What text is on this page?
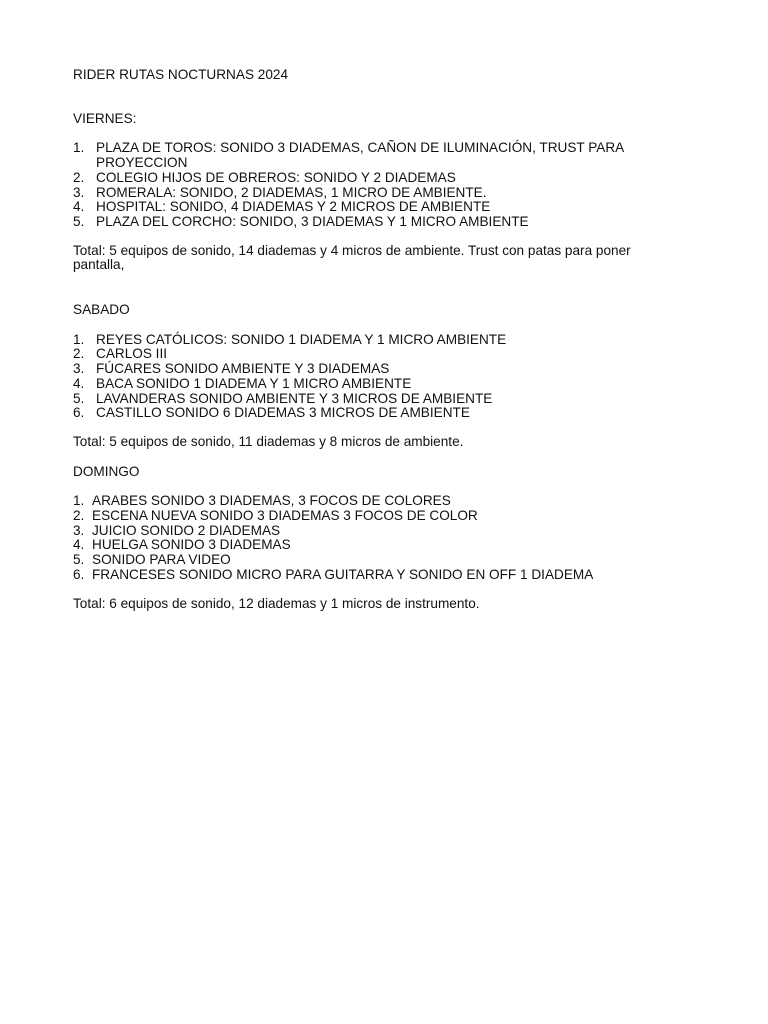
RIDER RUTAS NOCTURNAS 2024

VIERNES:

1. PLAZA DE TOROS: SONIDO 3 DIADEMAS, CAÑON DE ILUMINACIÓN, TRUST PARA PROYECCION
2. COLEGIO HIJOS DE OBREROS: SONIDO Y 2 DIADEMAS
3. ROMERALA: SONIDO, 2 DIADEMAS, 1 MICRO DE AMBIENTE.
4. HOSPITAL: SONIDO, 4 DIADEMAS Y 2 MICROS DE AMBIENTE
5. PLAZA DEL CORCHO: SONIDO, 3 DIADEMAS Y 1 MICRO AMBIENTE

Total: 5 equipos de sonido, 14 diademas y 4 micros de ambiente. Trust con patas para poner pantalla,

SABADO

1. REYES CATÓLICOS: SONIDO 1 DIADEMA Y 1 MICRO AMBIENTE
2. CARLOS III
3. FÚCARES SONIDO AMBIENTE Y 3 DIADEMAS
4. BACA SONIDO 1 DIADEMA Y 1 MICRO AMBIENTE
5. LAVANDERAS SONIDO AMBIENTE Y 3 MICROS DE AMBIENTE
6. CASTILLO SONIDO 6 DIADEMAS 3 MICROS DE AMBIENTE

Total: 5 equipos de sonido, 11 diademas y 8 micros de ambiente.

DOMINGO

1. ARABES SONIDO 3 DIADEMAS, 3 FOCOS DE COLORES
2. ESCENA NUEVA SONIDO 3 DIADEMAS 3 FOCOS DE COLOR
3. JUICIO SONIDO 2 DIADEMAS
4. HUELGA SONIDO 3 DIADEMAS
5. SONIDO PARA VIDEO
6. FRANCESES SONIDO MICRO PARA GUITARRA Y SONIDO EN OFF 1 DIADEMA

Total: 6 equipos de sonido, 12 diademas y 1 micros de instrumento.
